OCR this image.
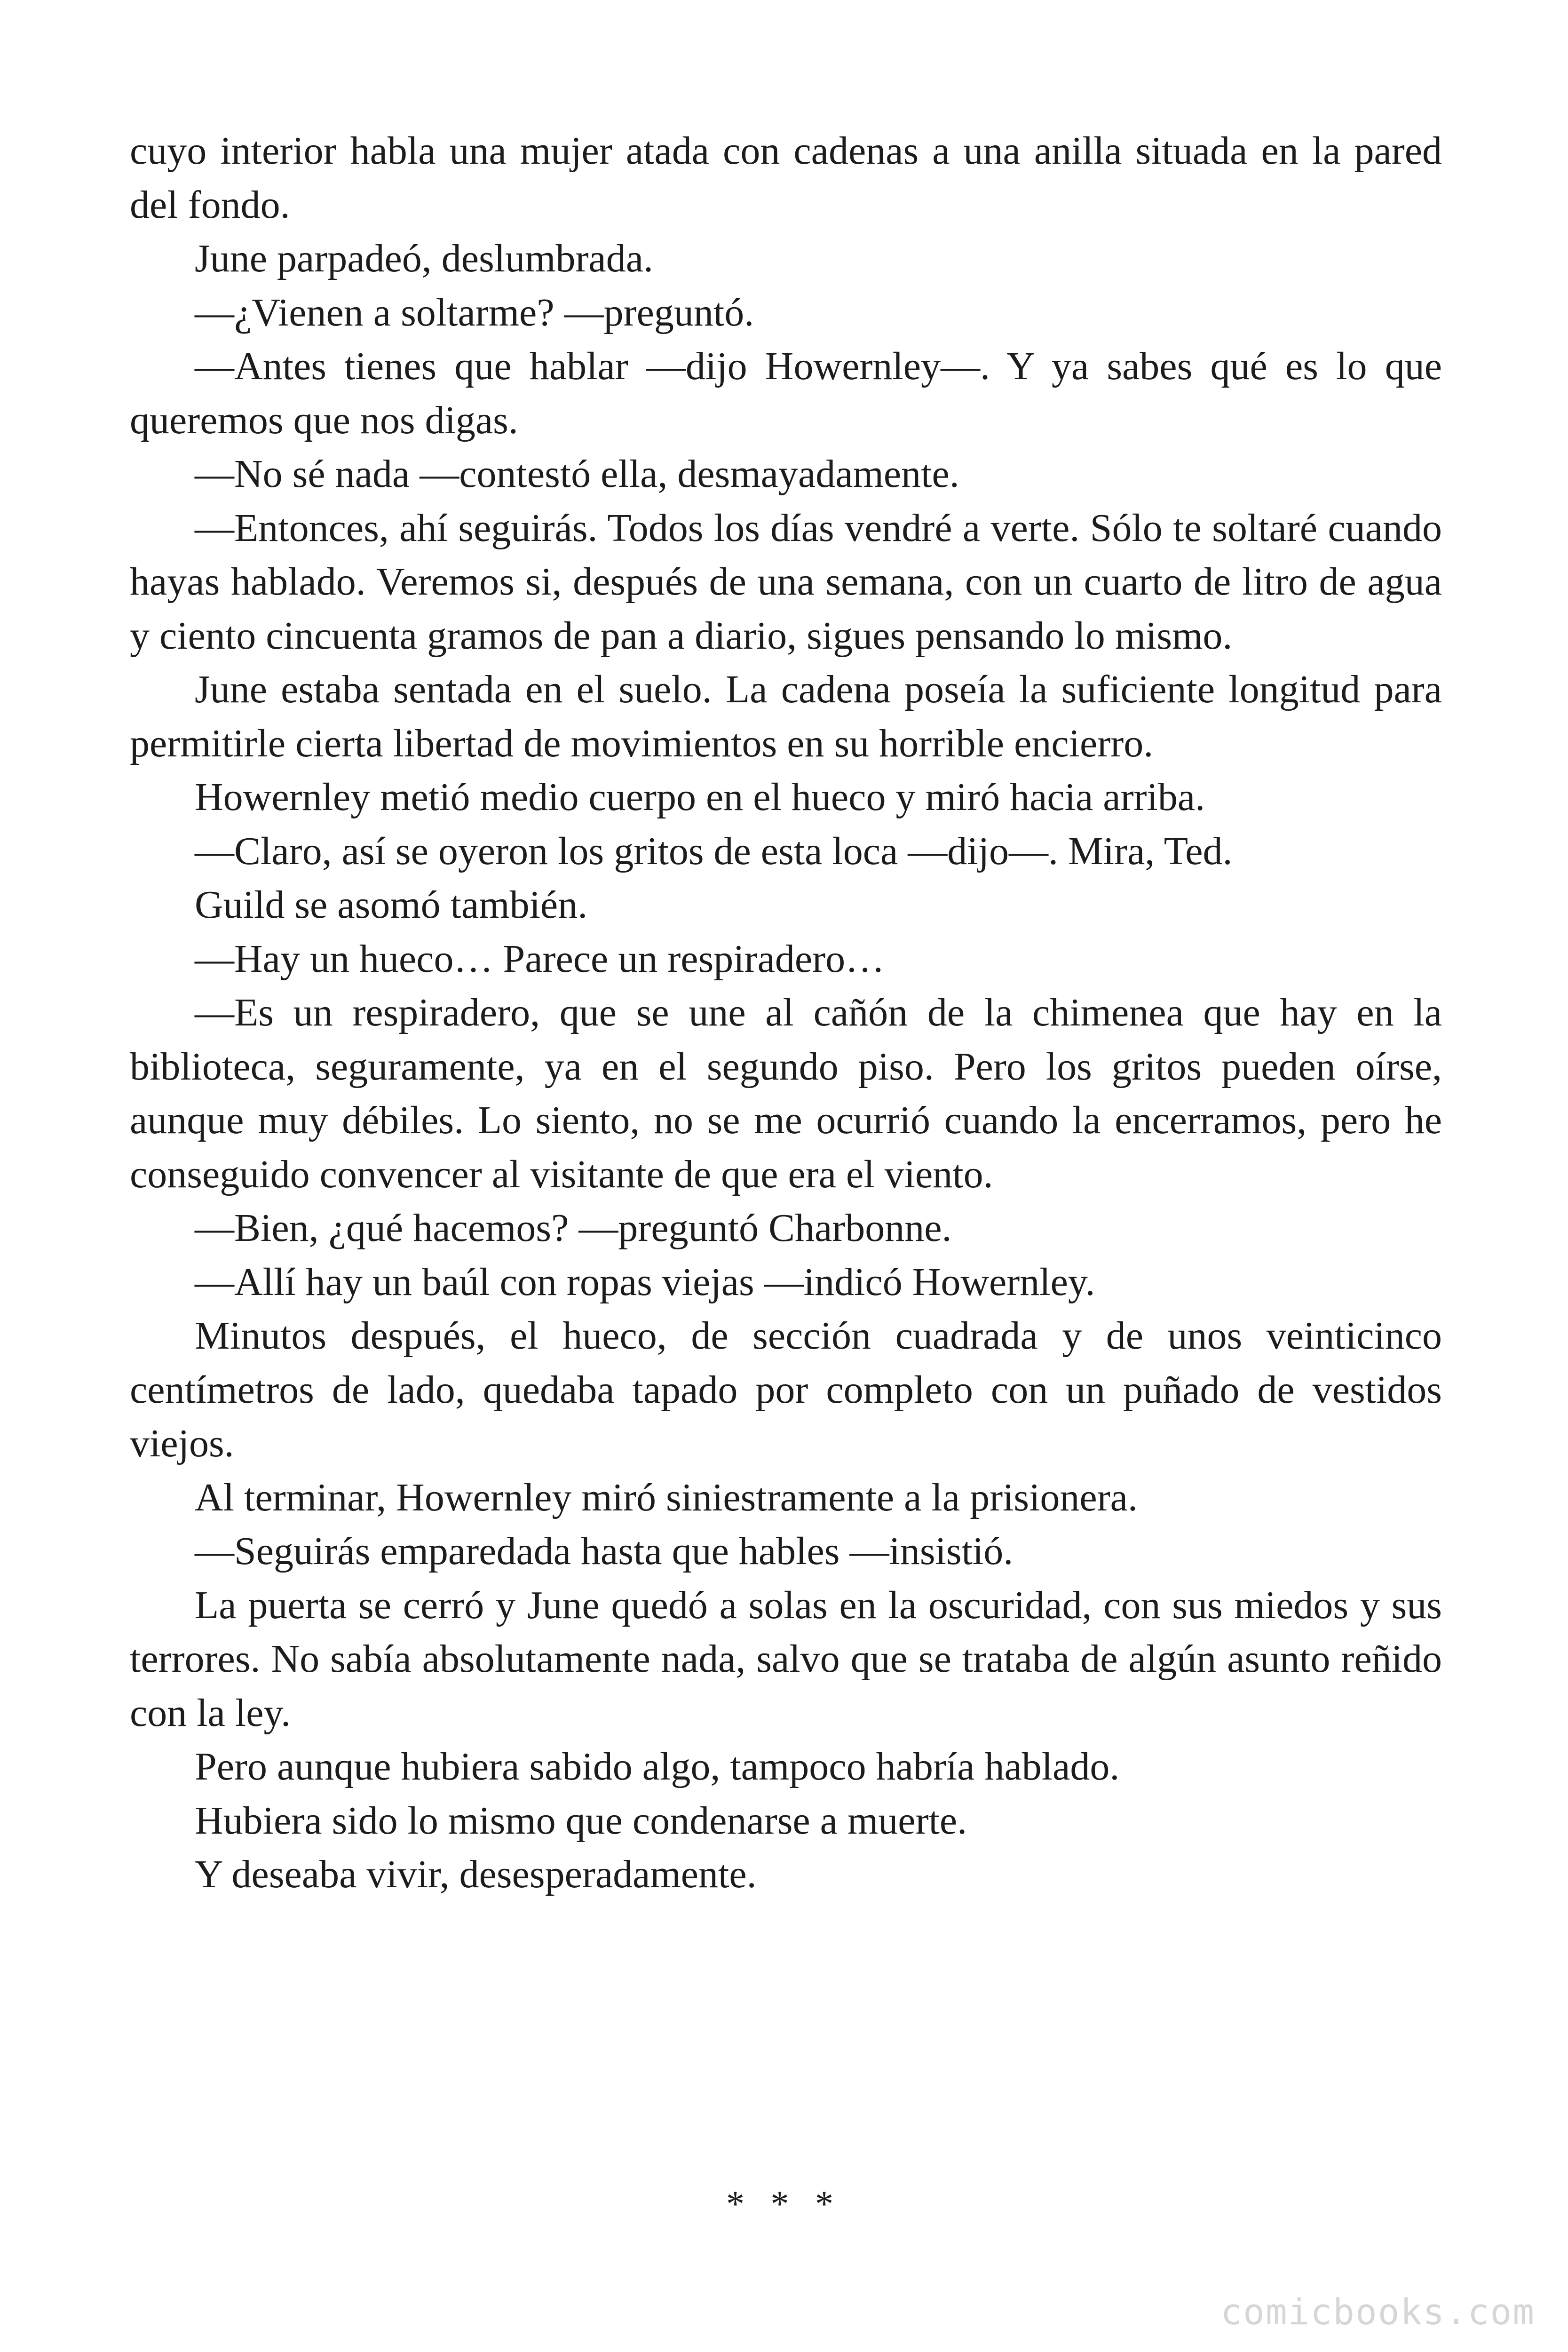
cuyo interior habla una mujer atada con cadenas a una anilla situada en la pared del fondo.

June parpadeó, deslumbrada.

—¿Vienen a soltarme? —preguntó.

—Antes tienes que hablar —dijo Howernley—. Y ya sabes qué es lo que queremos que nos digas.

—No sé nada —contestó ella, desmayadamente.

—Entonces, ahí seguirás. Todos los días vendré a verte. Sólo te soltaré cuando hayas hablado. Veremos si, después de una semana, con un cuarto de litro de agua y ciento cincuenta gramos de pan a diario, sigues pensando lo mismo.

June estaba sentada en el suelo. La cadena poseía la suficiente longitud para permitirle cierta libertad de movimientos en su horrible encierro.

Howernley metió medio cuerpo en el hueco y miró hacia arriba.

—Claro, así se oyeron los gritos de esta loca —dijo—. Mira, Ted.

Guild se asomó también.

—Hay un hueco… Parece un respiradero…

—Es un respiradero, que se une al cañón de la chimenea que hay en la biblioteca, seguramente, ya en el segundo piso. Pero los gritos pueden oírse, aunque muy débiles. Lo siento, no se me ocurrió cuando la encerramos, pero he conseguido convencer al visitante de que era el viento.

—Bien, ¿qué hacemos? —preguntó Charbonne.

—Allí hay un baúl con ropas viejas —indicó Howernley.

Minutos después, el hueco, de sección cuadrada y de unos veinticinco centímetros de lado, quedaba tapado por completo con un puñado de vestidos viejos.

Al terminar, Howernley miró siniestramente a la prisionera.

—Seguirás emparedada hasta que hables —insistió.

La puerta se cerró y June quedó a solas en la oscuridad, con sus miedos y sus terrores. No sabía absolutamente nada, salvo que se trataba de algún asunto reñido con la ley.

Pero aunque hubiera sabido algo, tampoco habría hablado.

Hubiera sido lo mismo que condenarse a muerte.

Y deseaba vivir, desesperadamente.

* * *
comicbooks.com
